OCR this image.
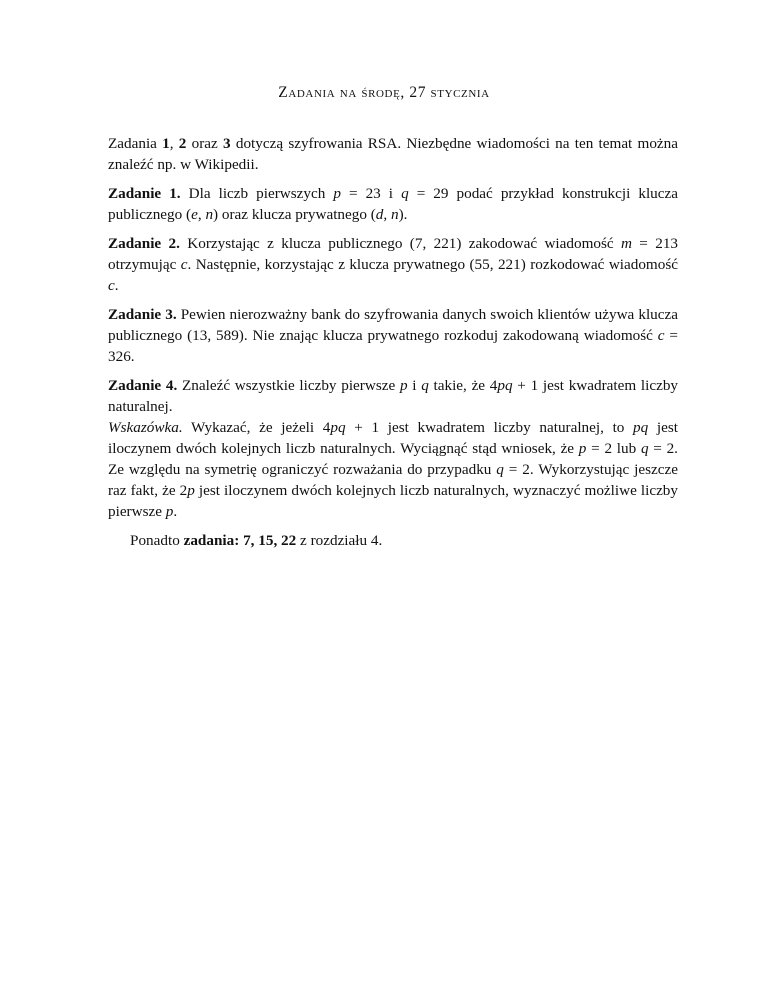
Zadania na środę, 27 stycznia

Zadania 1, 2 oraz 3 dotyczą szyfrowania RSA. Niezbędne wiadomości na ten temat można znaleźć np. w Wikipedii.

Zadanie 1. Dla liczb pierwszych p = 23 i q = 29 podać przykład konstrukcji klucza publicznego (e, n) oraz klucza prywatnego (d, n).

Zadanie 2. Korzystając z klucza publicznego (7, 221) zakodować wiadomość m = 213 otrzymując c. Następnie, korzystając z klucza prywatnego (55, 221) rozkodować wiadomość c.

Zadanie 3. Pewien nierozważny bank do szyfrowania danych swoich klientów używa klucza publicznego (13, 589). Nie znając klucza prywatnego rozkoduj zakodowaną wiadomość c = 326.

Zadanie 4. Znaleźć wszystkie liczby pierwsze p i q takie, że 4pq + 1 jest kwadratem liczby naturalnej.

Wskazówka. Wykazać, że jeżeli 4pq + 1 jest kwadratem liczby naturalnej, to pq jest iloczynem dwóch kolejnych liczb naturalnych. Wyciągnąć stąd wniosek, że p = 2 lub q = 2. Ze względu na symetrię ograniczyć rozważania do przypadku q = 2. Wykorzystując jeszcze raz fakt, że 2p jest iloczynem dwóch kolejnych liczb naturalnych, wyznaczyć możliwe liczby pierwsze p.

Ponadto zadania: 7, 15, 22 z rozdziału 4.
